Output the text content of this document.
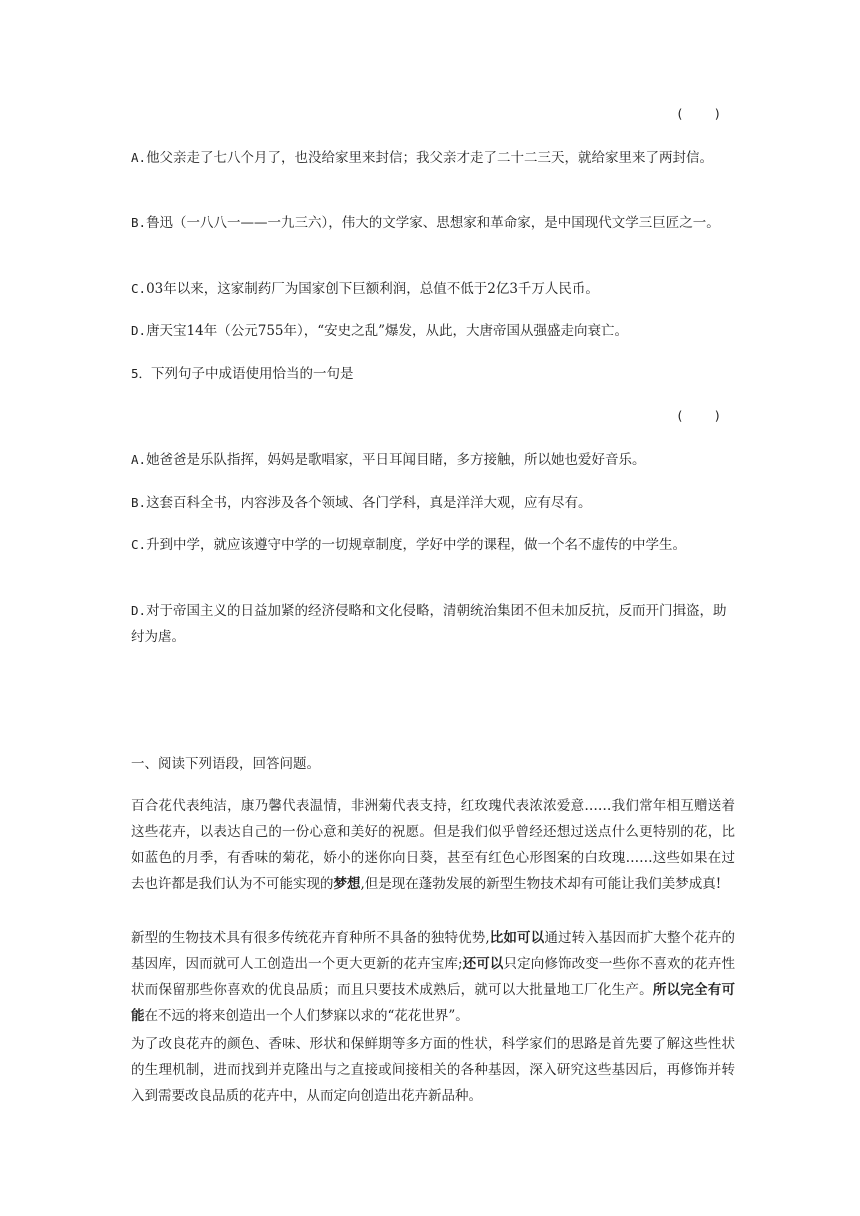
(    )

A.他父亲走了七八个月了，也没给家里来封信；我父亲才走了二十二三天，就给家里来了两封信。

B.鲁迅（一八八一——一九三六），伟大的文学家、思想家和革命家，是中国现代文学三巨匠之一。

C.03年以来，这家制药厂为国家创下巨额利润，总值不低于2亿3千万人民币。

D.唐天宝14年（公元755年），“安史之乱”爆发，从此，大唐帝国从强盛走向衰亡。

5．下列句子中成语使用恰当的一句是

(    )

A.她爸爸是乐队指挥，妈妈是歌唱家，平日耳闻目睹，多方接触，所以她也爱好音乐。

B.这套百科全书，内容涉及各个领域、各门学科，真是洋洋大观，应有尽有。

C.升到中学，就应该遵守中学的一切规章制度，学好中学的课程，做一个名不虚传的中学生。

D.对于帝国主义的日益加紧的经济侵略和文化侵略，清朝统治集团不但未加反抗，反而开门揖盗，助纣为虐。

一、阅读下列语段，回答问题。

百合花代表纯洁，康乃馨代表温情，非洲菊代表支持，红玫瑰代表浓浓爱意……我们常年相互赠送着这些花卉，以表达自己的一份心意和美好的祝愿。但是我们似乎曾经还想过送点什么更特别的花，比如蓝色的月季，有香味的菊花，娇小的迷你向日葵，甚至有红色心形图案的白玫瑰……这些如果在过去也许都是我们认为不可能实现的梦想,但是现在蓬勃发展的新型生物技术却有可能让我们美梦成真!

新型的生物技术具有很多传统花卉育种所不具备的独特优势,比如可以通过转入基因而扩大整个花卉的基因库，因而就可人工创造出一个更大更新的花卉宝库;还可以只定向修饰改变一些你不喜欢的花卉性状而保留那些你喜欢的优良品质；而且只要技术成熟后，就可以大批量地工厂化生产。所以完全有可能在不远的将来创造出一个人们梦寐以求的“花花世界”。

为了改良花卉的颜色、香味、形状和保鲜期等多方面的性状，科学家们的思路是首先要了解这些性状的生理机制，进而找到并克隆出与之直接或间接相关的各种基因，深入研究这些基因后，再修饰并转入到需要改良品质的花卉中，从而定向创造出花卉新品种。
